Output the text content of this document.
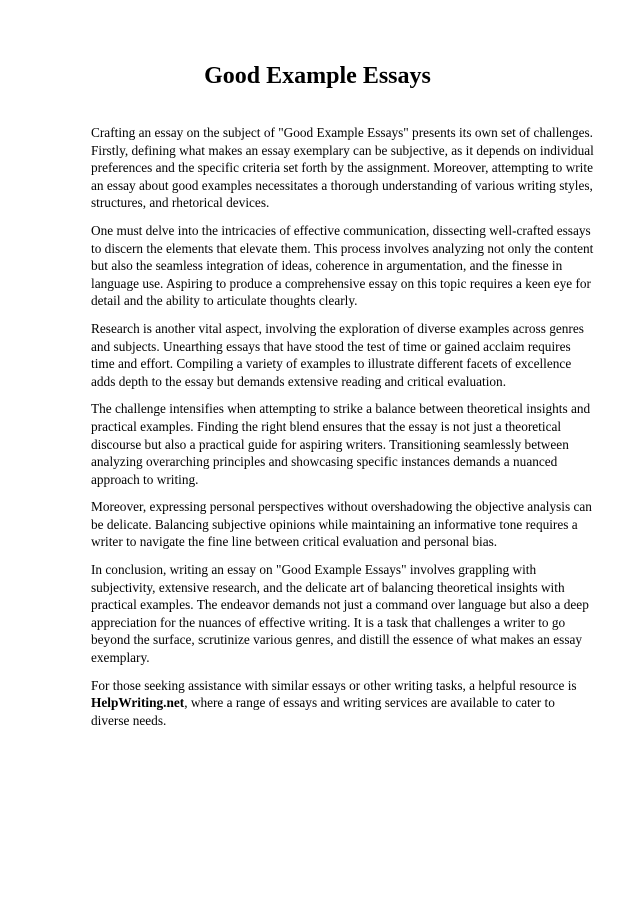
Good Example Essays

Crafting an essay on the subject of "Good Example Essays" presents its own set of challenges. Firstly, defining what makes an essay exemplary can be subjective, as it depends on individual preferences and the specific criteria set forth by the assignment. Moreover, attempting to write an essay about good examples necessitates a thorough understanding of various writing styles, structures, and rhetorical devices.

One must delve into the intricacies of effective communication, dissecting well-crafted essays to discern the elements that elevate them. This process involves analyzing not only the content but also the seamless integration of ideas, coherence in argumentation, and the finesse in language use. Aspiring to produce a comprehensive essay on this topic requires a keen eye for detail and the ability to articulate thoughts clearly.

Research is another vital aspect, involving the exploration of diverse examples across genres and subjects. Unearthing essays that have stood the test of time or gained acclaim requires time and effort. Compiling a variety of examples to illustrate different facets of excellence adds depth to the essay but demands extensive reading and critical evaluation.

The challenge intensifies when attempting to strike a balance between theoretical insights and practical examples. Finding the right blend ensures that the essay is not just a theoretical discourse but also a practical guide for aspiring writers. Transitioning seamlessly between analyzing overarching principles and showcasing specific instances demands a nuanced approach to writing.

Moreover, expressing personal perspectives without overshadowing the objective analysis can be delicate. Balancing subjective opinions while maintaining an informative tone requires a writer to navigate the fine line between critical evaluation and personal bias.

In conclusion, writing an essay on "Good Example Essays" involves grappling with subjectivity, extensive research, and the delicate art of balancing theoretical insights with practical examples. The endeavor demands not just a command over language but also a deep appreciation for the nuances of effective writing. It is a task that challenges a writer to go beyond the surface, scrutinize various genres, and distill the essence of what makes an essay exemplary.

For those seeking assistance with similar essays or other writing tasks, a helpful resource is HelpWriting.net, where a range of essays and writing services are available to cater to diverse needs.
